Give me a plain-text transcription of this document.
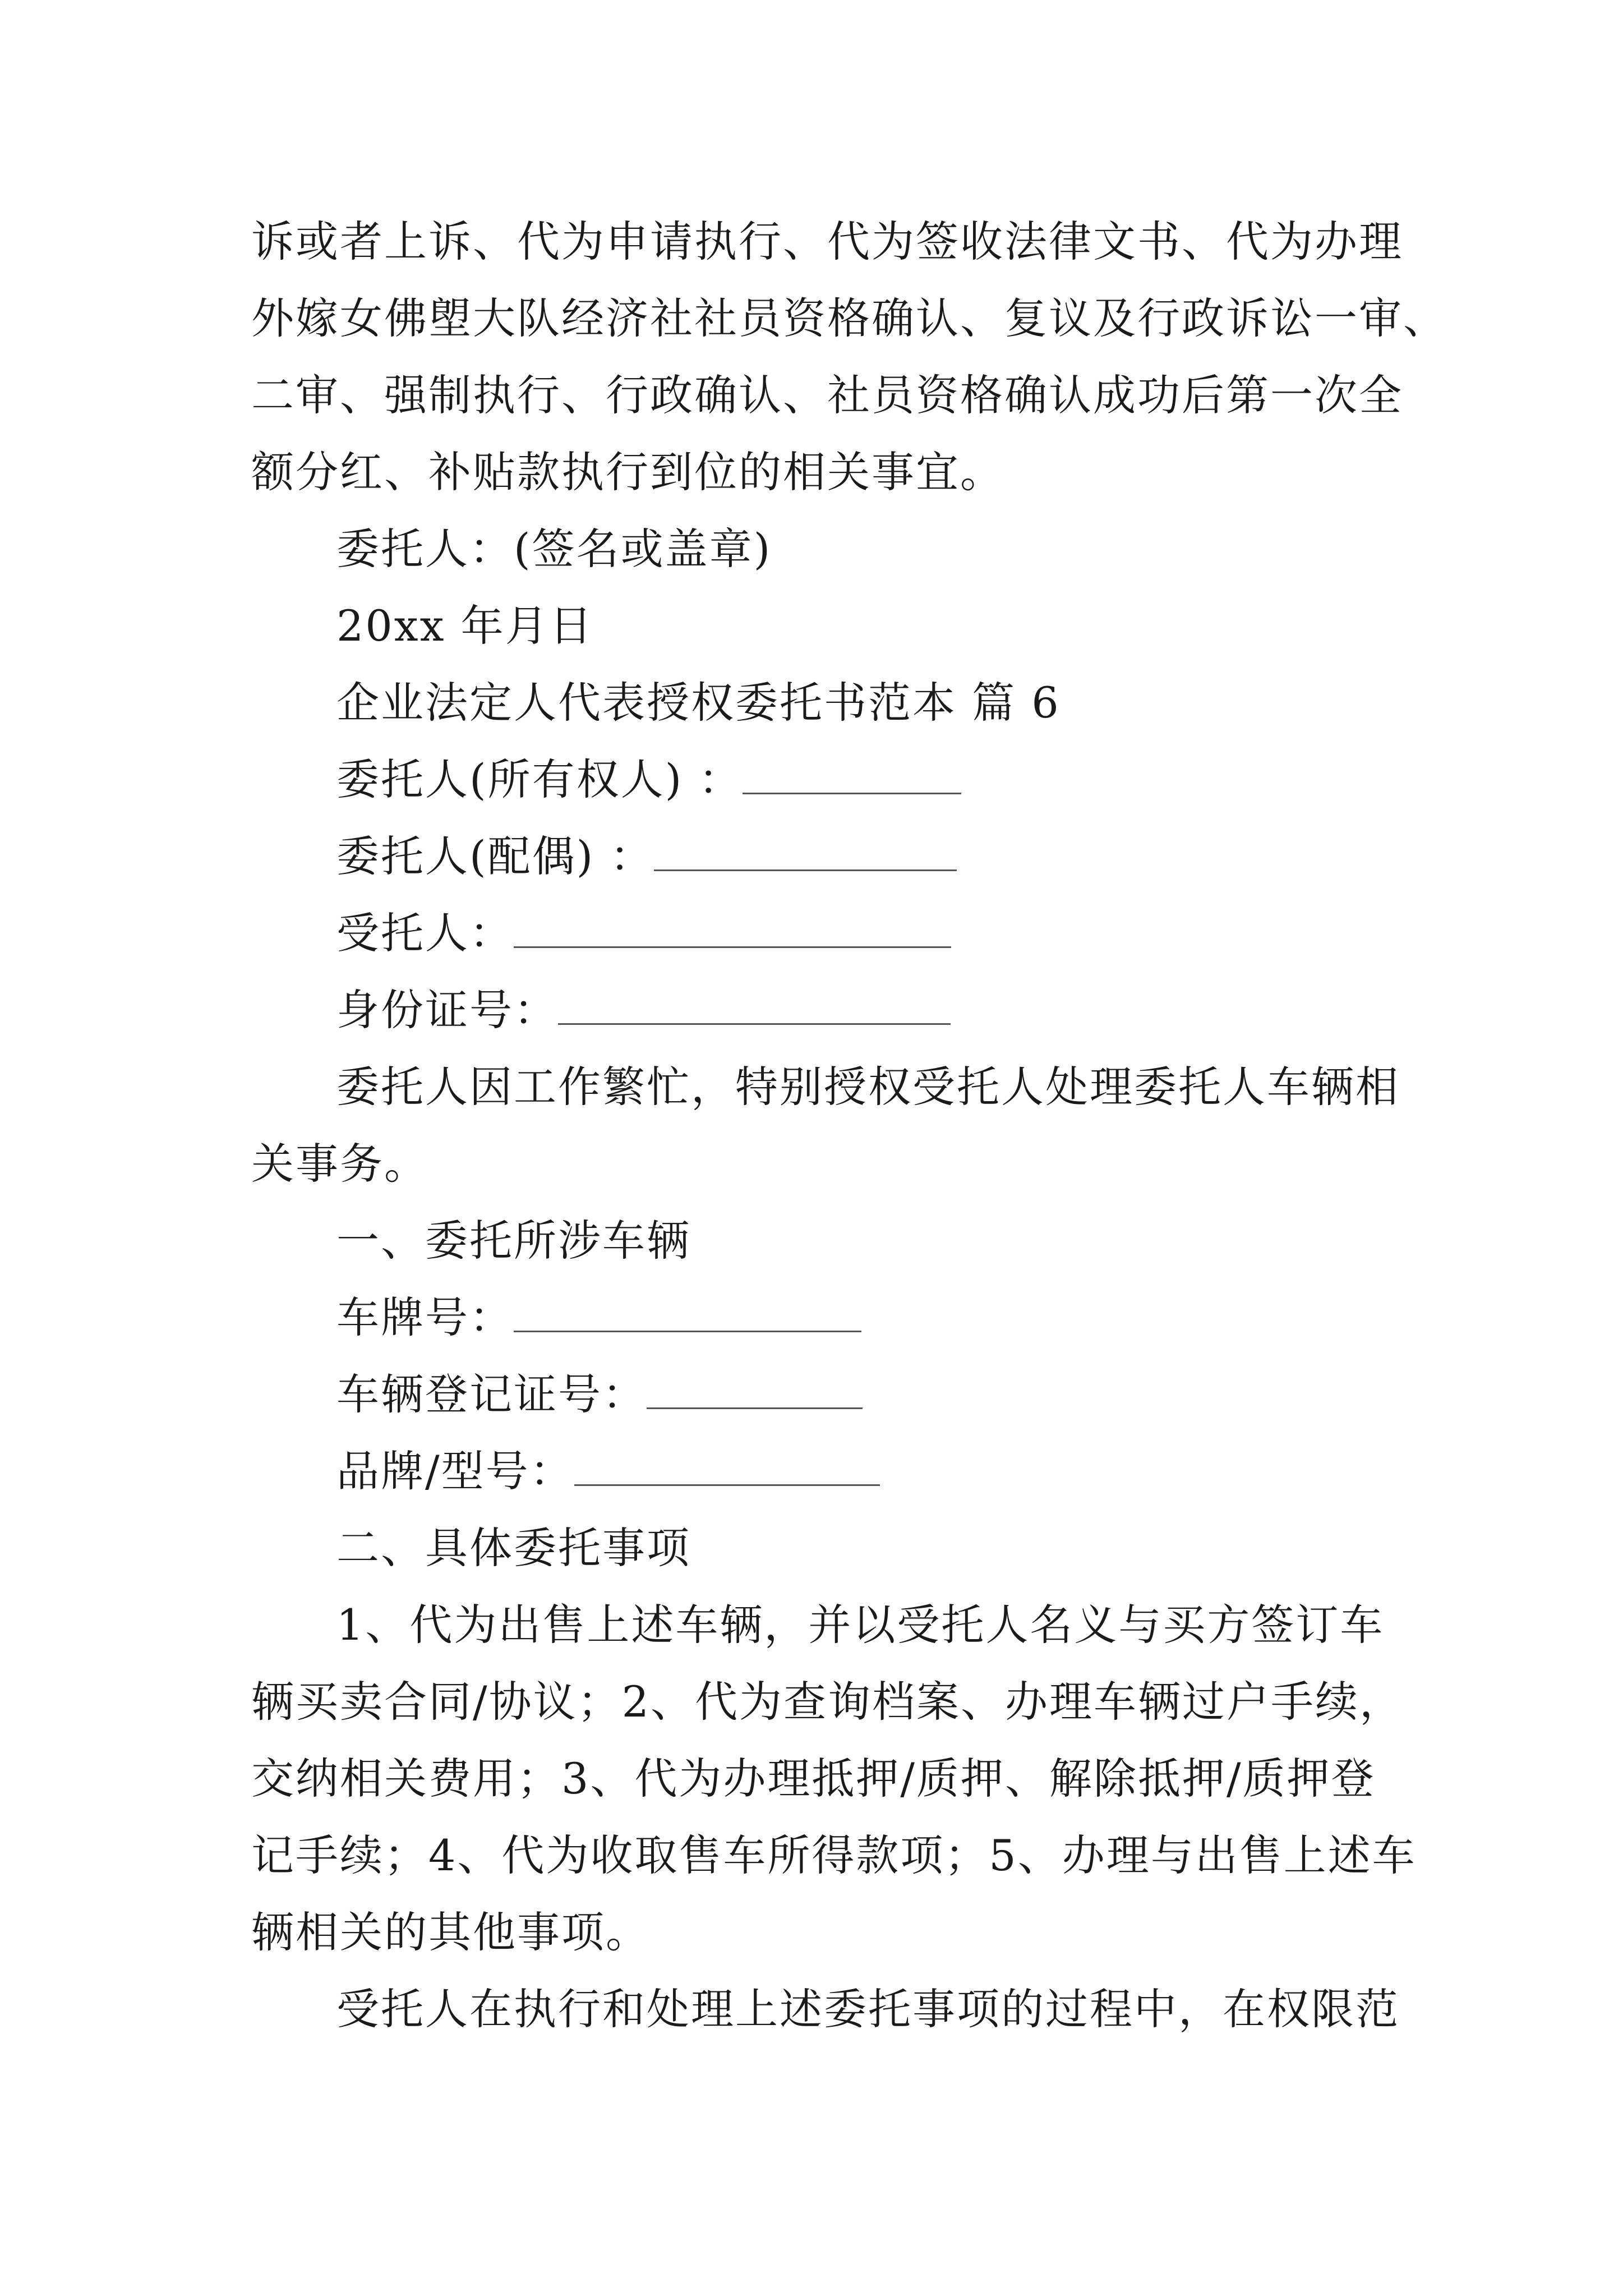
诉或者上诉、代为申请执行、代为签收法律文书、代为办理
外嫁女佛塱大队经济社社员资格确认、复议及行政诉讼一审、
二审、强制执行、行政确认、社员资格确认成功后第一次全
额分红、补贴款执行到位的相关事宜。
委托人：(签名或盖章)
20xx 年月日
企业法定人代表授权委托书范本 篇 6
委托人(所有权人) ：
委托人(配偶) ：
受托人：
身份证号：
委托人因工作繁忙，特别授权受托人处理委托人车辆相
关事务。
一、委托所涉车辆
车牌号：
车辆登记证号：
品牌/型号：
二、具体委托事项
1、代为出售上述车辆，并以受托人名义与买方签订车
辆买卖合同/协议；2、代为查询档案、办理车辆过户手续，
交纳相关费用；3、代为办理抵押/质押、解除抵押/质押登
记手续；4、代为收取售车所得款项；5、办理与出售上述车
辆相关的其他事项。
受托人在执行和处理上述委托事项的过程中，在权限范
